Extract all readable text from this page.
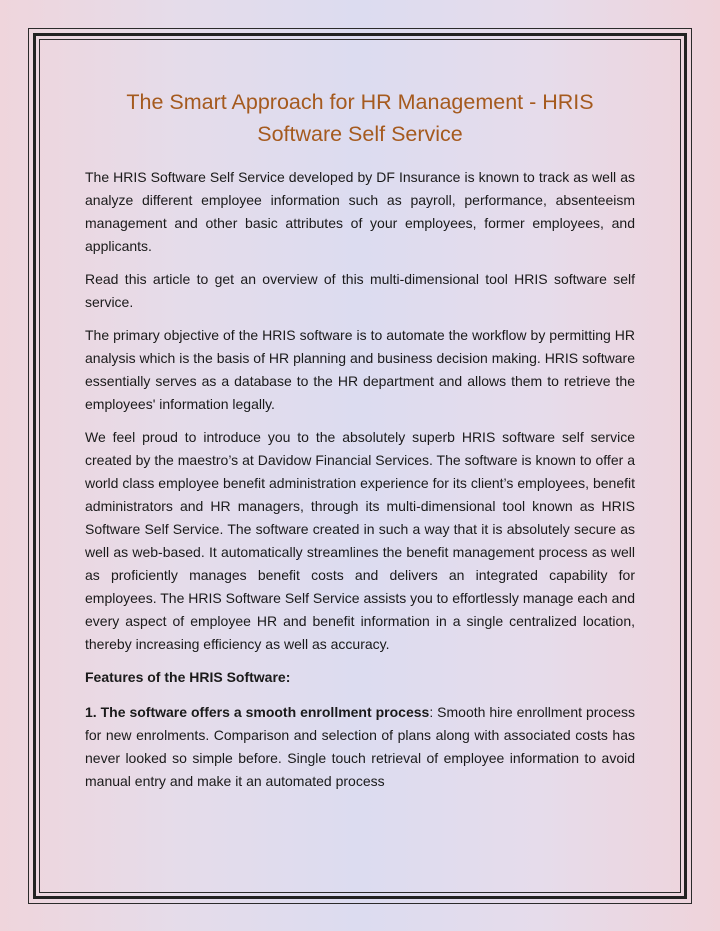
The Smart Approach for HR Management - HRIS Software Self Service

The HRIS Software Self Service developed by DF Insurance is known to track as well as analyze different employee information such as payroll, performance, absenteeism management and other basic attributes of your employees, former employees, and applicants.

Read this article to get an overview of this multi-dimensional tool HRIS software self service.

The primary objective of the HRIS software is to automate the workflow by permitting HR analysis which is the basis of HR planning and business decision making. HRIS software essentially serves as a database to the HR department and allows them to retrieve the employees' information legally.

We feel proud to introduce you to the absolutely superb HRIS software self service created by the maestro’s at Davidow Financial Services. The software is known to offer a world class employee benefit administration experience for its client’s employees, benefit administrators and HR managers, through its multi-dimensional tool known as HRIS Software Self Service. The software created in such a way that it is absolutely secure as well as web-based. It automatically streamlines the benefit management process as well as proficiently manages benefit costs and delivers an integrated capability for employees. The HRIS Software Self Service assists you to effortlessly manage each and every aspect of employee HR and benefit information in a single centralized location, thereby increasing efficiency as well as accuracy.

Features of the HRIS Software:

1. The software offers a smooth enrollment process: Smooth hire enrollment process for new enrolments. Comparison and selection of plans along with associated costs has never looked so simple before. Single touch retrieval of employee information to avoid manual entry and make it an automated process
